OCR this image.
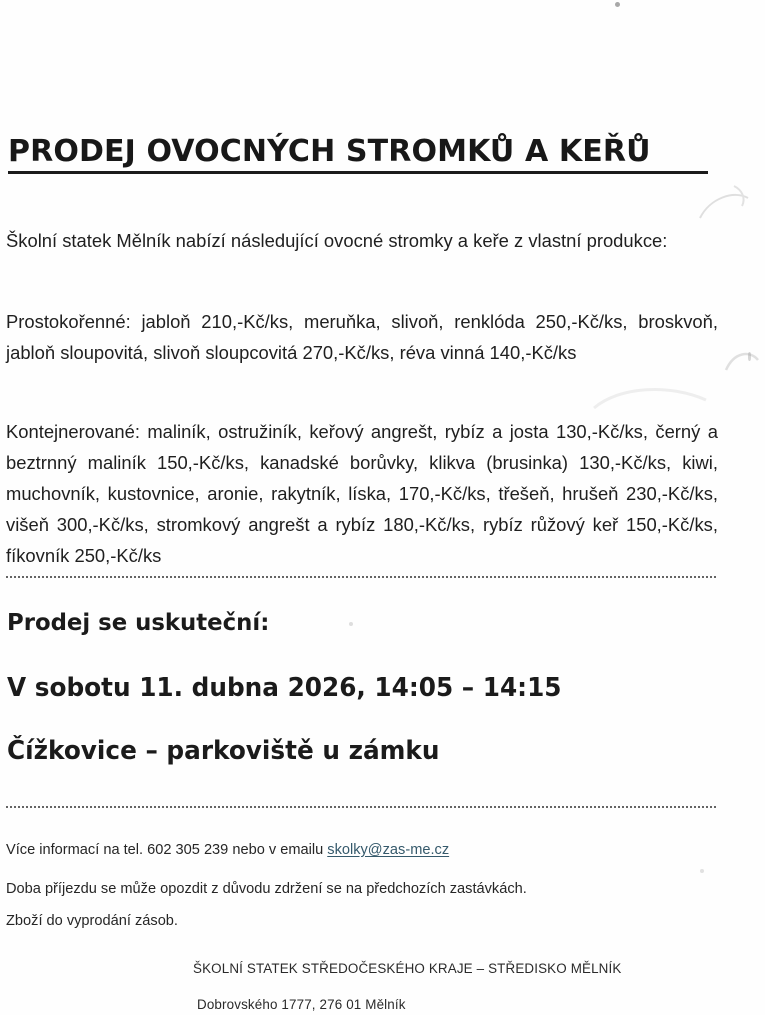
PRODEJ OVOCNÝCH STROMKŮ A KEŘŮ

Školní statek Mělník nabízí následující ovocné stromky a keře z vlastní produkce:

Prostokořenné: jabloň 210,-Kč/ks, meruňka, slivoň, renklóda 250,-Kč/ks, broskvoň, jabloň sloupovitá, slivoň sloupcovitá 270,-Kč/ks, réva vinná 140,-Kč/ks

Kontejnerované: maliník, ostružiník, keřový angrešt, rybíz a josta 130,-Kč/ks, černý a beztrnný maliník 150,-Kč/ks, kanadské borůvky, klikva (brusinka) 130,-Kč/ks, kiwi, muchovník, kustovnice, aronie, rakytník, líska, 170,-Kč/ks, třešeň, hrušeň 230,-Kč/ks, višeň 300,-Kč/ks, stromkový angrešt a rybíz 180,-Kč/ks, rybíz růžový keř 150,-Kč/ks, fíkovník 250,-Kč/ks

Prodej se uskuteční:
V sobotu 11. dubna 2026, 14:05 – 14:15
Čížkovice – parkoviště u zámku
Více informací na tel. 602 305 239 nebo v emailu skolky@zas-me.cz
Doba příjezdu se může opozdit z důvodu zdržení se na předchozích zastávkách.
Zboží do vyprodání zásob.
ŠKOLNÍ STATEK STŘEDOČESKÉHO KRAJE – STŘEDISKO MĚLNÍK
Dobrovského 1777, 276 01 Mělník
